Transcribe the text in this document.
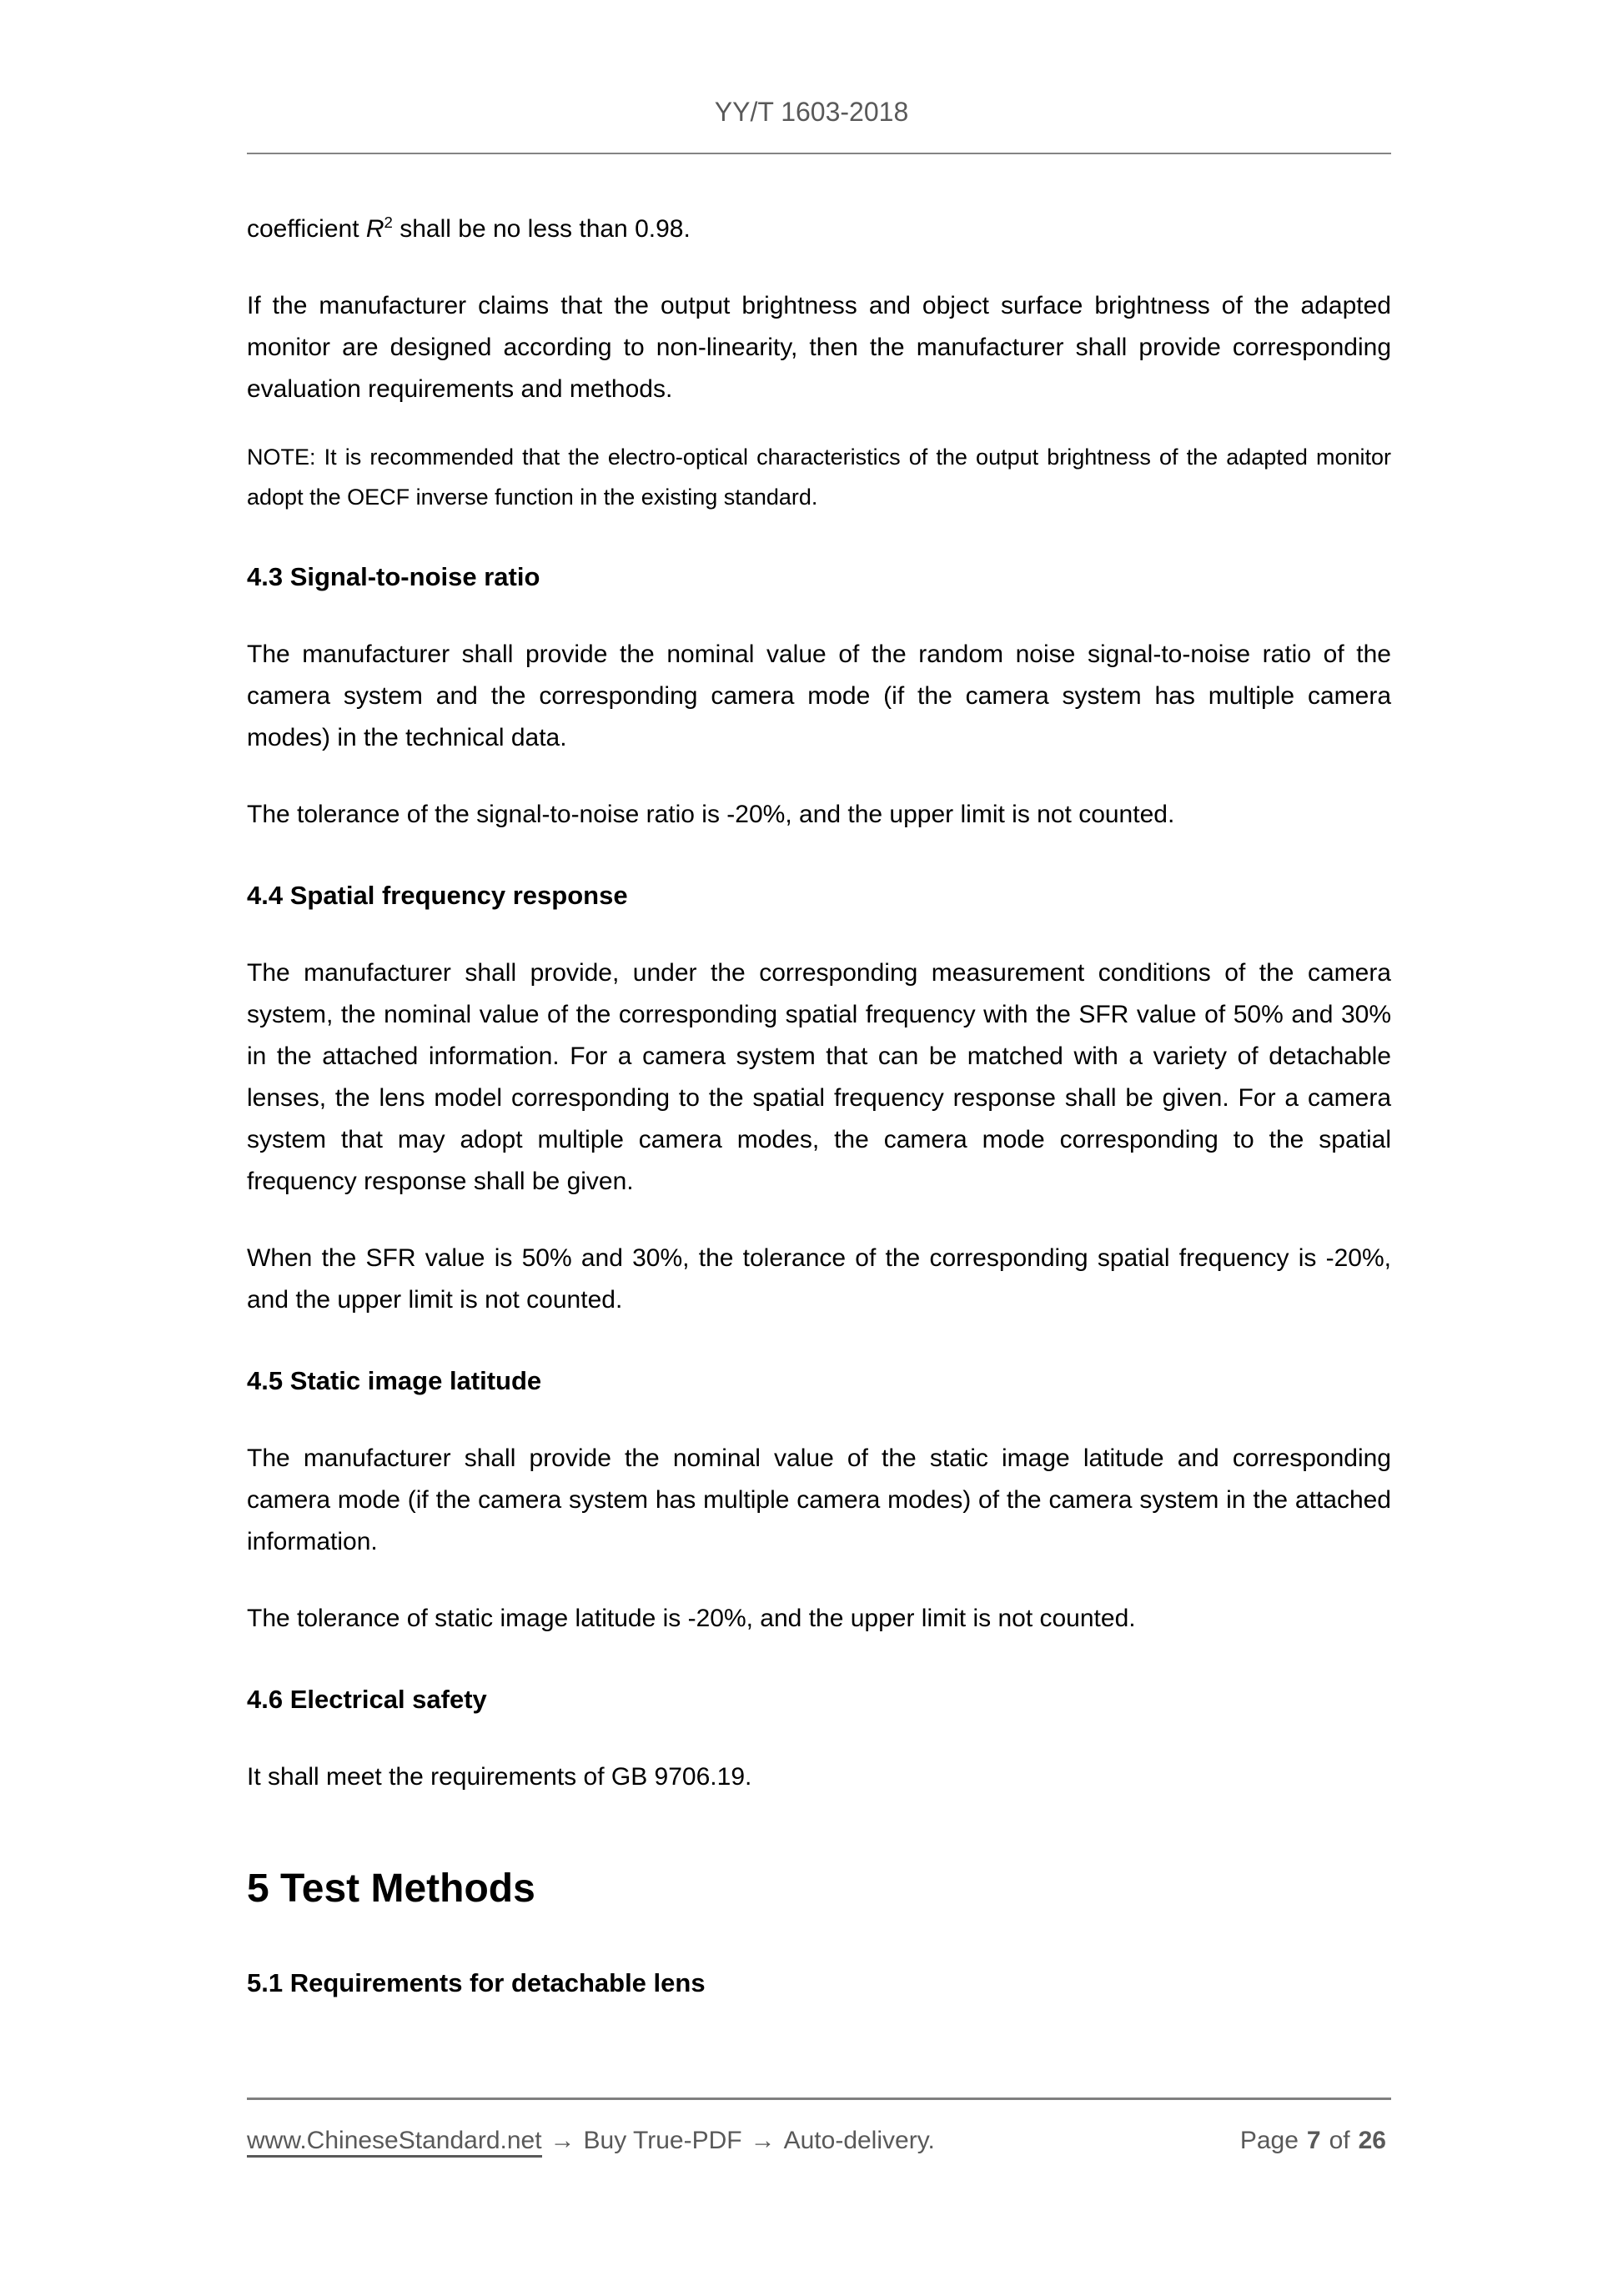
YY/T 1603-2018

coefficient $R^2$ shall be no less than 0.98.

If the manufacturer claims that the output brightness and object surface brightness of the adapted monitor are designed according to non-linearity, then the manufacturer shall provide corresponding evaluation requirements and methods.

NOTE: It is recommended that the electro-optical characteristics of the output brightness of the adapted monitor adopt the OECF inverse function in the existing standard.

4.3 Signal-to-noise ratio

The manufacturer shall provide the nominal value of the random noise signal-to-noise ratio of the camera system and the corresponding camera mode (if the camera system has multiple camera modes) in the technical data.

The tolerance of the signal-to-noise ratio is -20%, and the upper limit is not counted.

4.4 Spatial frequency response

The manufacturer shall provide, under the corresponding measurement conditions of the camera system, the nominal value of the corresponding spatial frequency with the SFR value of 50% and 30% in the attached information. For a camera system that can be matched with a variety of detachable lenses, the lens model corresponding to the spatial frequency response shall be given. For a camera system that may adopt multiple camera modes, the camera mode corresponding to the spatial frequency response shall be given.

When the SFR value is 50% and 30%, the tolerance of the corresponding spatial frequency is -20%, and the upper limit is not counted.

4.5 Static image latitude

The manufacturer shall provide the nominal value of the static image latitude and corresponding camera mode (if the camera system has multiple camera modes) of the camera system in the attached information.

The tolerance of static image latitude is -20%, and the upper limit is not counted.

4.6 Electrical safety

It shall meet the requirements of GB 9706.19.

5 Test Methods
5.1 Requirements for detachable lens
www.ChineseStandard.net → Buy True-PDF → Auto-delivery.	Page 7 of 26
